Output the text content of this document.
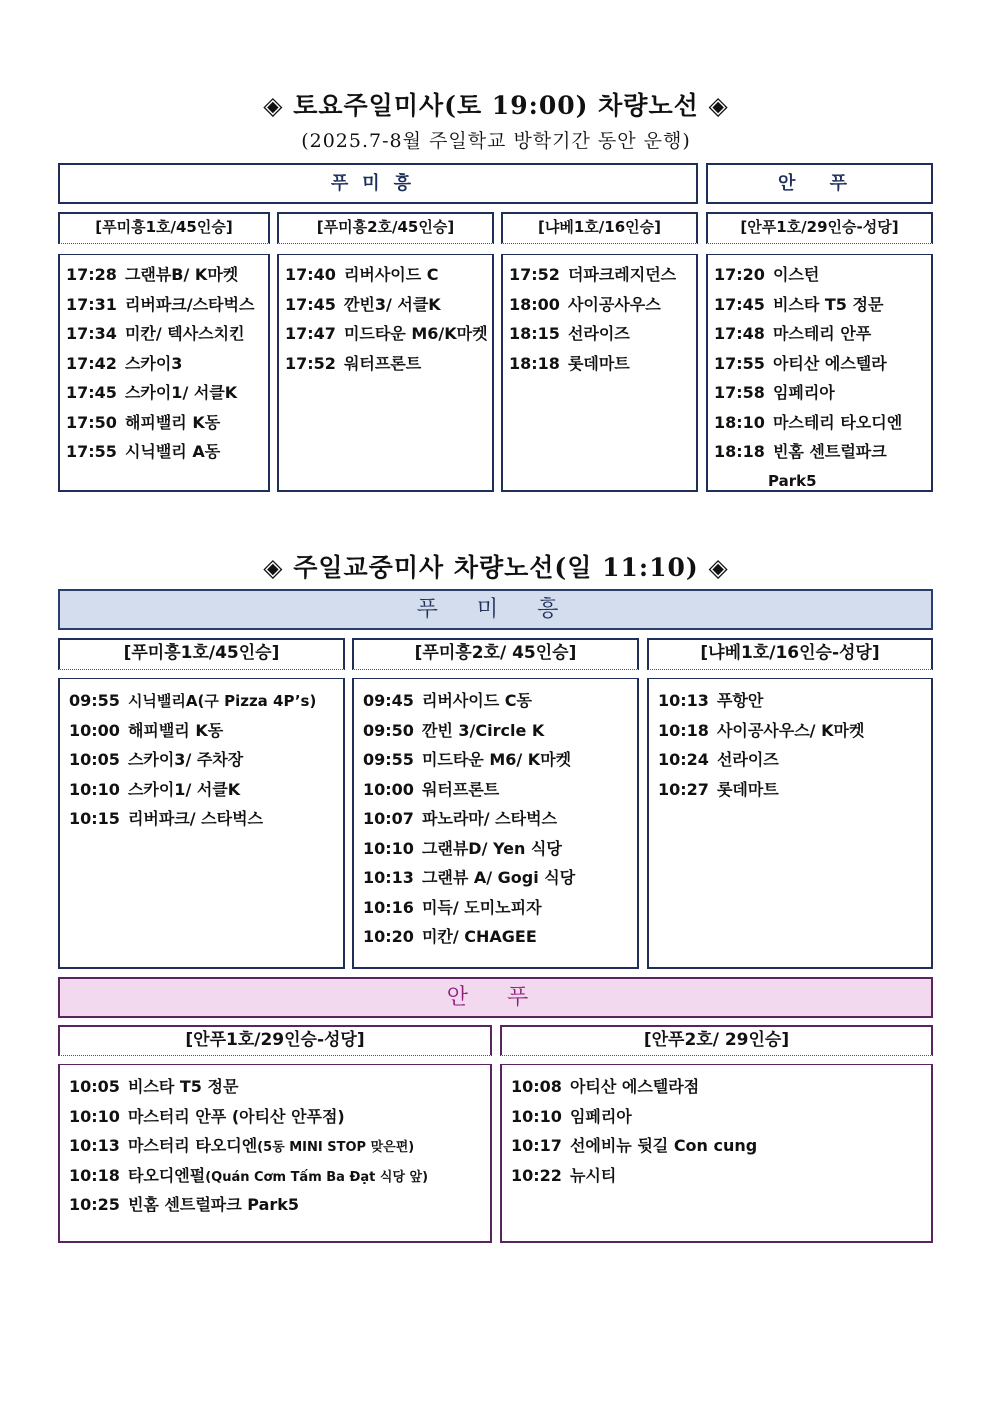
◈ 토요주일미사(토 19:00) 차량노선 ◈
(2025.7-8월 주일학교 방학기간 동안 운행)
푸미흥	안 푸
[푸미흥1호/45인승]
17:28 그랜뷰B/ K마켓
17:31 리버파크/스타벅스
17:34 미칸/ 텍사스치킨
17:42 스카이3
17:45 스카이1/ 서클K
17:50 해피밸리 K동
17:55 시닉밸리 A동
[푸미흥2호/45인승]
17:40 리버사이드 C
17:45 깐빈3/ 서클K
17:47 미드타운 M6/K마켓
17:52 워터프론트
[냐베1호/16인승]
17:52 더파크레지던스
18:00 사이공사우스
18:15 선라이즈
18:18 롯데마트
[안푸1호/29인승-성당]
17:20 이스턴
17:45 비스타 T5 정문
17:48 마스테리 안푸
17:55 아티산 에스텔라
17:58 임페리아
18:10 마스테리 타오디엔
18:18 빈홈 센트럴파크
Park5
◈ 주일교중미사 차량노선(일 11:10) ◈
푸 미 흥
[푸미흥1호/45인승]
09:55 시닉밸리A(구 Pizza 4P’s)
10:00 해피밸리 K동
10:05 스카이3/ 주차장
10:10 스카이1/ 서클K
10:15 리버파크/ 스타벅스
[푸미흥2호/ 45인승]
09:45 리버사이드 C동
09:50 깐빈 3/Circle K
09:55 미드타운 M6/ K마켓
10:00 워터프론트
10:07 파노라마/ 스타벅스
10:10 그랜뷰D/ Yen 식당
10:13 그랜뷰 A/ Gogi 식당
10:16 미득/ 도미노피자
10:20 미칸/ CHAGEE
[냐베1호/16인승-성당]
10:13 푸항안
10:18 사이공사우스/ K마켓
10:24 선라이즈
10:27 롯데마트
안 푸
[안푸1호/29인승-성당]
10:05 비스타 T5 정문
10:10 마스터리 안푸 (아티산 안푸점)
10:13 마스터리 타오디엔(5동 MINI STOP 맞은편)
10:18 타오디엔펄(Quán Cơm Tấm Ba Đạt 식당 앞)
10:25 빈홈 센트럴파크 Park5
[안푸2호/ 29인승]
10:08 아티산 에스텔라점
10:10 임페리아
10:17 선에비뉴 뒷길 Con cung
10:22 뉴시티
